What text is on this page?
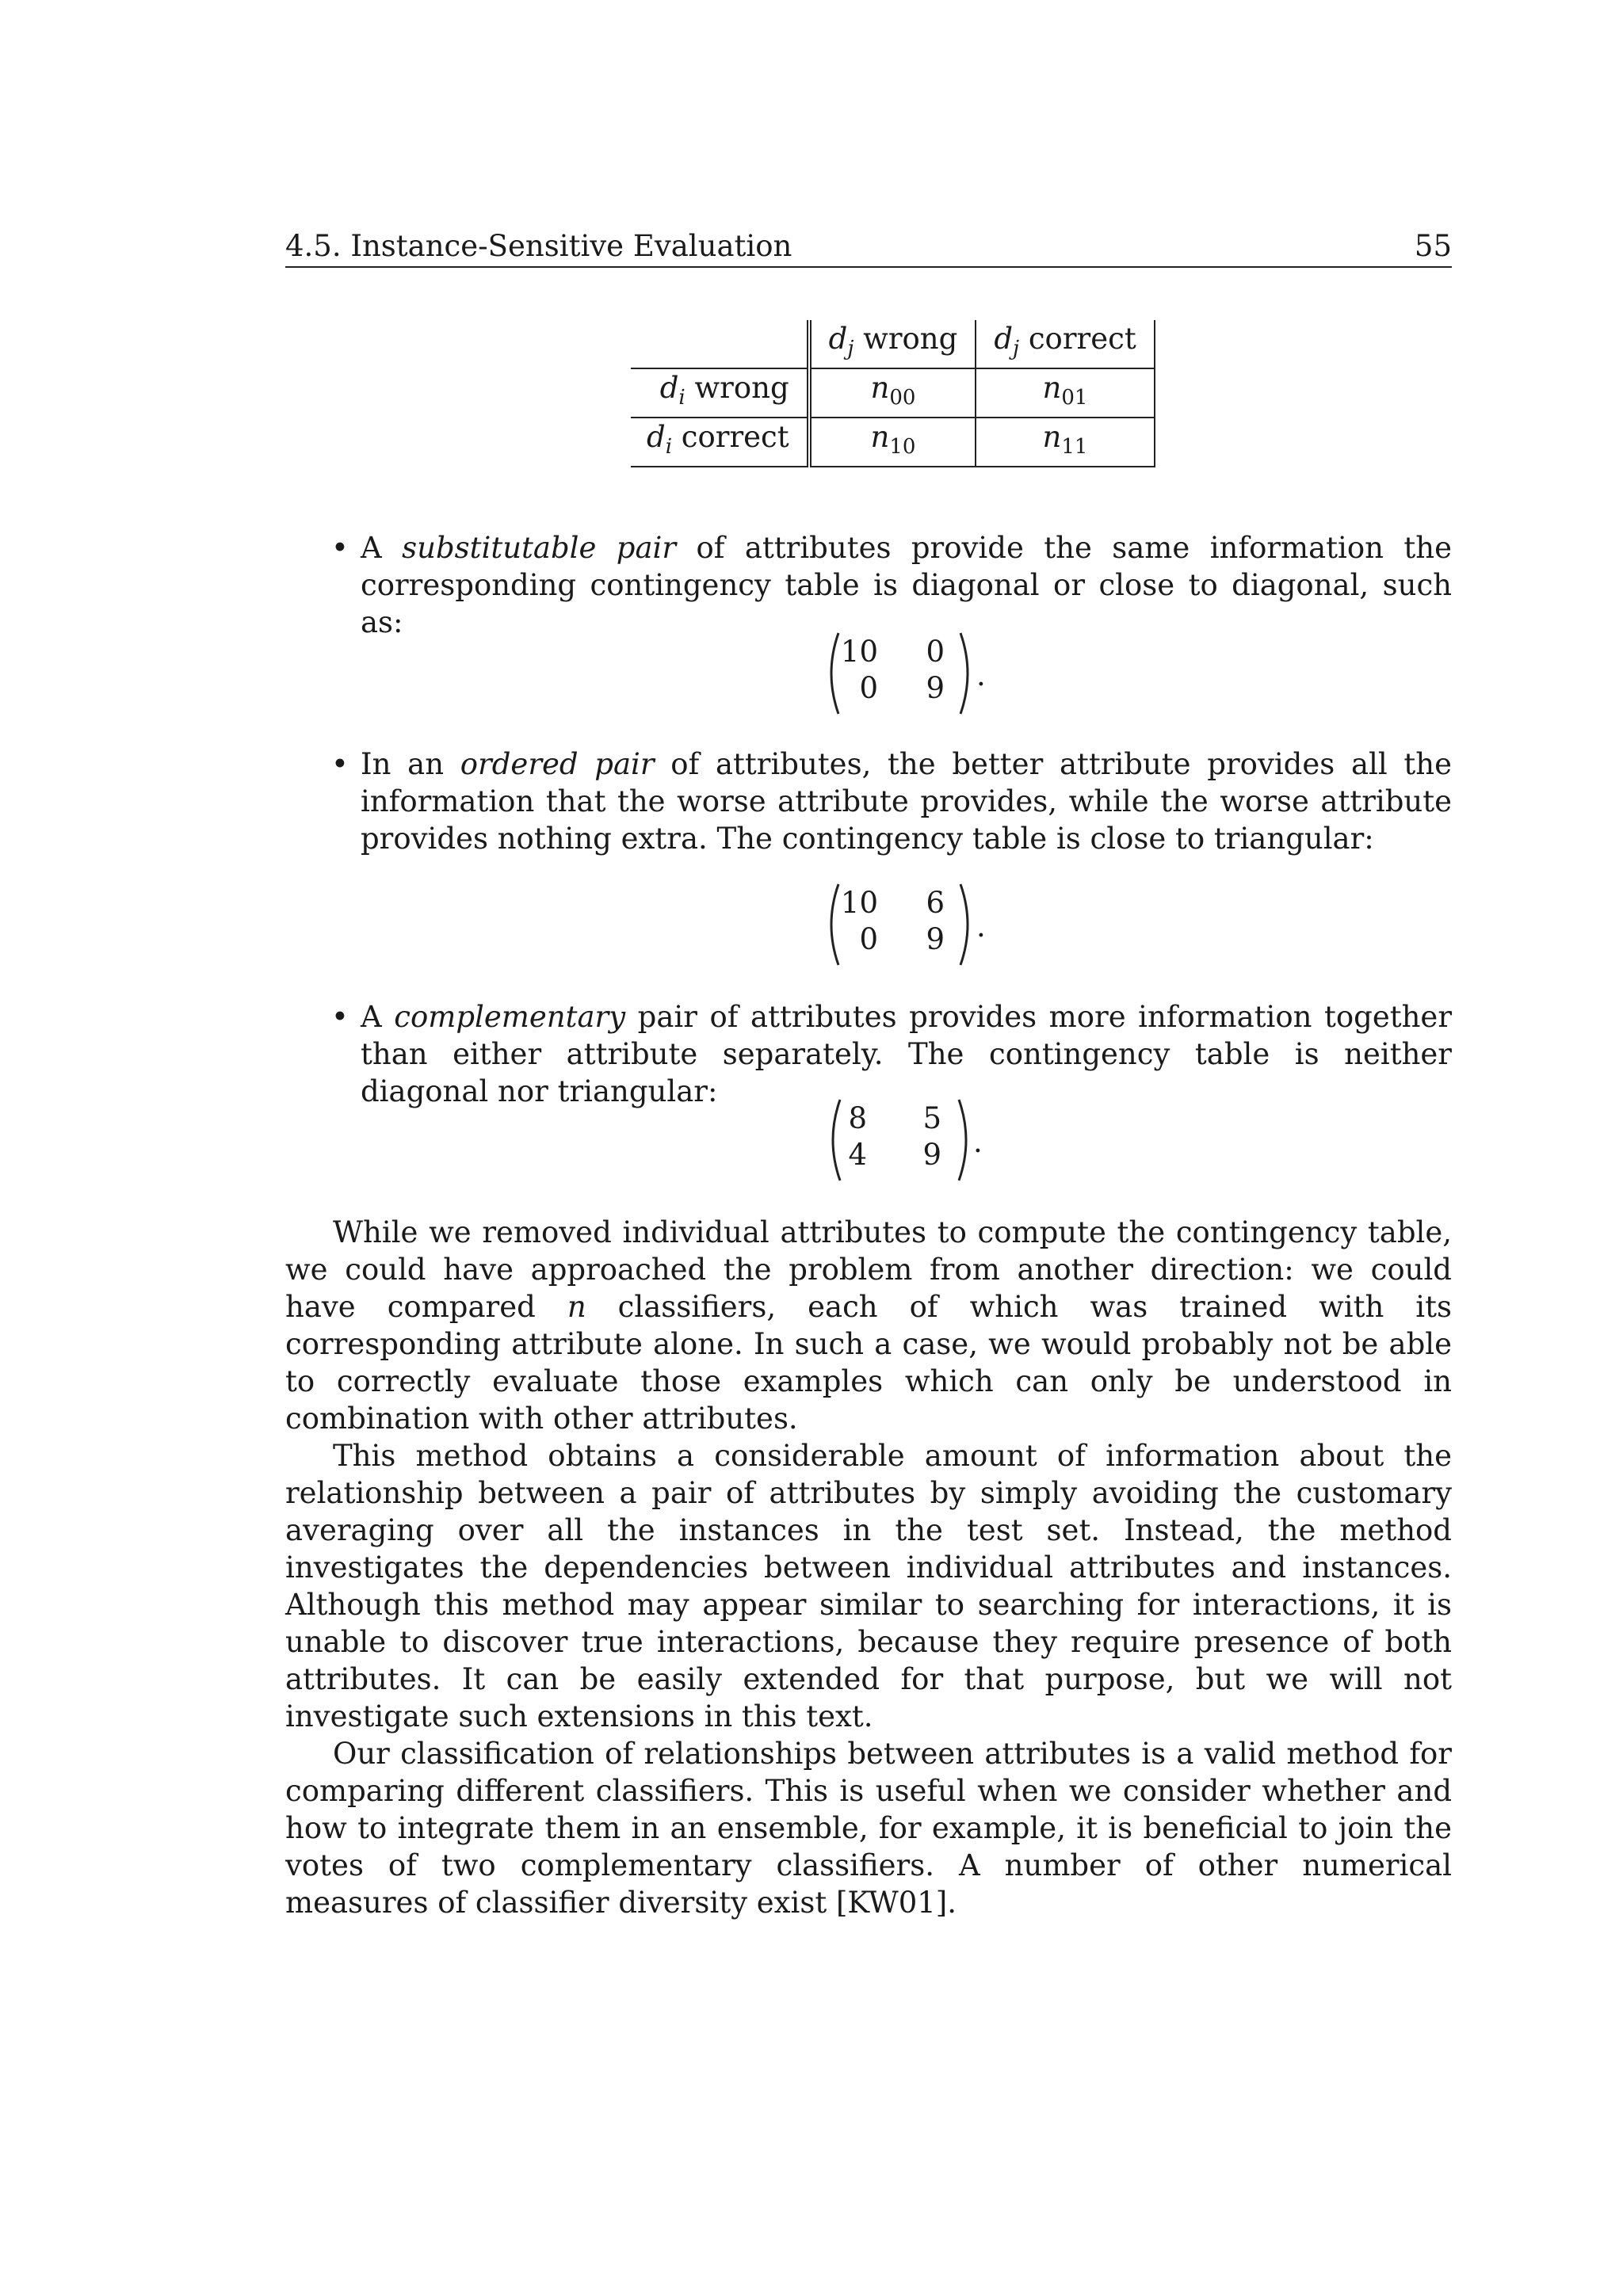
4.5. Instance-Sensitive Evaluation	55
	$d_j$ wrong	$d_j$ correct
$d_i$ wrong	$n_{00}$	$n_{01}$
$d_i$ correct	$n_{10}$	$n_{11}$
• A substitutable pair of attributes provide the same information the corresponding contingency table is diagonal or close to diagonal, such as:
10	0
0	9 .
• In an ordered pair of attributes, the better attribute provides all the information that the worse attribute provides, while the worse attribute provides nothing extra. The contingency table is close to triangular:
10	6
0	9 .
• A complementary pair of attributes provides more information together than either attribute separately. The contingency table is neither diagonal nor triangular:
8	5
4	9 .

While we removed individual attributes to compute the contingency table, we could have approached the problem from another direction: we could have compared n classifiers, each of which was trained with its corresponding attribute alone. In such a case, we would probably not be able to correctly evaluate those examples which can only be understood in combination with other attributes.

This method obtains a considerable amount of information about the relationship between a pair of attributes by simply avoiding the customary averaging over all the instances in the test set. Instead, the method investigates the dependencies between individual attributes and instances. Although this method may appear similar to searching for interactions, it is unable to discover true interactions, because they require presence of both attributes. It can be easily extended for that purpose, but we will not investigate such extensions in this text.

Our classification of relationships between attributes is a valid method for comparing different classifiers. This is useful when we consider whether and how to integrate them in an ensemble, for example, it is beneficial to join the votes of two complementary classifiers. A number of other numerical measures of classifier diversity exist [KW01].
